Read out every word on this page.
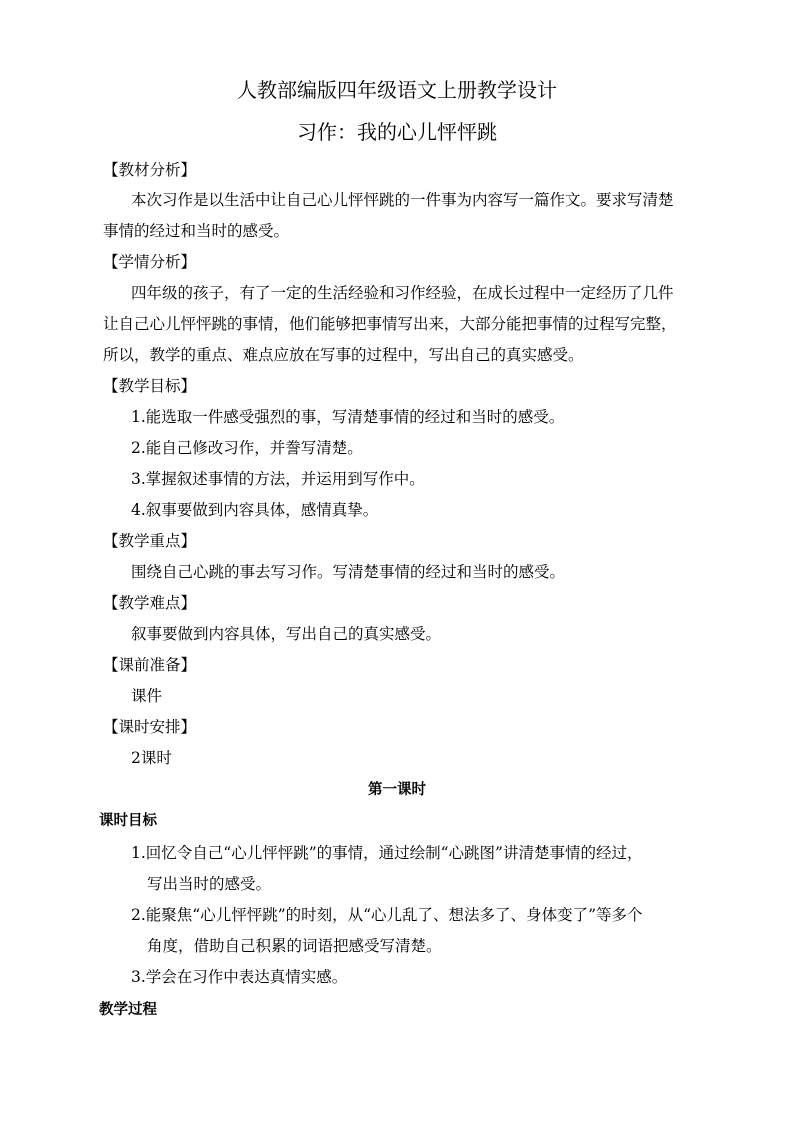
人教部编版四年级语文上册教学设计
习作：我的心儿怦怦跳
【教材分析】
本次习作是以生活中让自己心儿怦怦跳的一件事为内容写一篇作文。要求写清楚
事情的经过和当时的感受。
【学情分析】
四年级的孩子，有了一定的生活经验和习作经验，在成长过程中一定经历了几件
让自己心儿怦怦跳的事情，他们能够把事情写出来，大部分能把事情的过程写完整，
所以，教学的重点、难点应放在写事的过程中，写出自己的真实感受。
【教学目标】
1.能选取一件感受强烈的事，写清楚事情的经过和当时的感受。
2.能自己修改习作，并誊写清楚。
3.掌握叙述事情的方法，并运用到写作中。
4.叙事要做到内容具体，感情真挚。
【教学重点】
围绕自己心跳的事去写习作。写清楚事情的经过和当时的感受。
【教学难点】
叙事要做到内容具体，写出自己的真实感受。
【课前准备】
课件
【课时安排】
2课时
第一课时
课时目标
1.回忆令自己“心儿怦怦跳”的事情，通过绘制“心跳图”讲清楚事情的经过，
写出当时的感受。
2.能聚焦“心儿怦怦跳”的时刻，从“心儿乱了、想法多了、身体变了”等多个
角度，借助自己积累的词语把感受写清楚。
3.学会在习作中表达真情实感。
教学过程
